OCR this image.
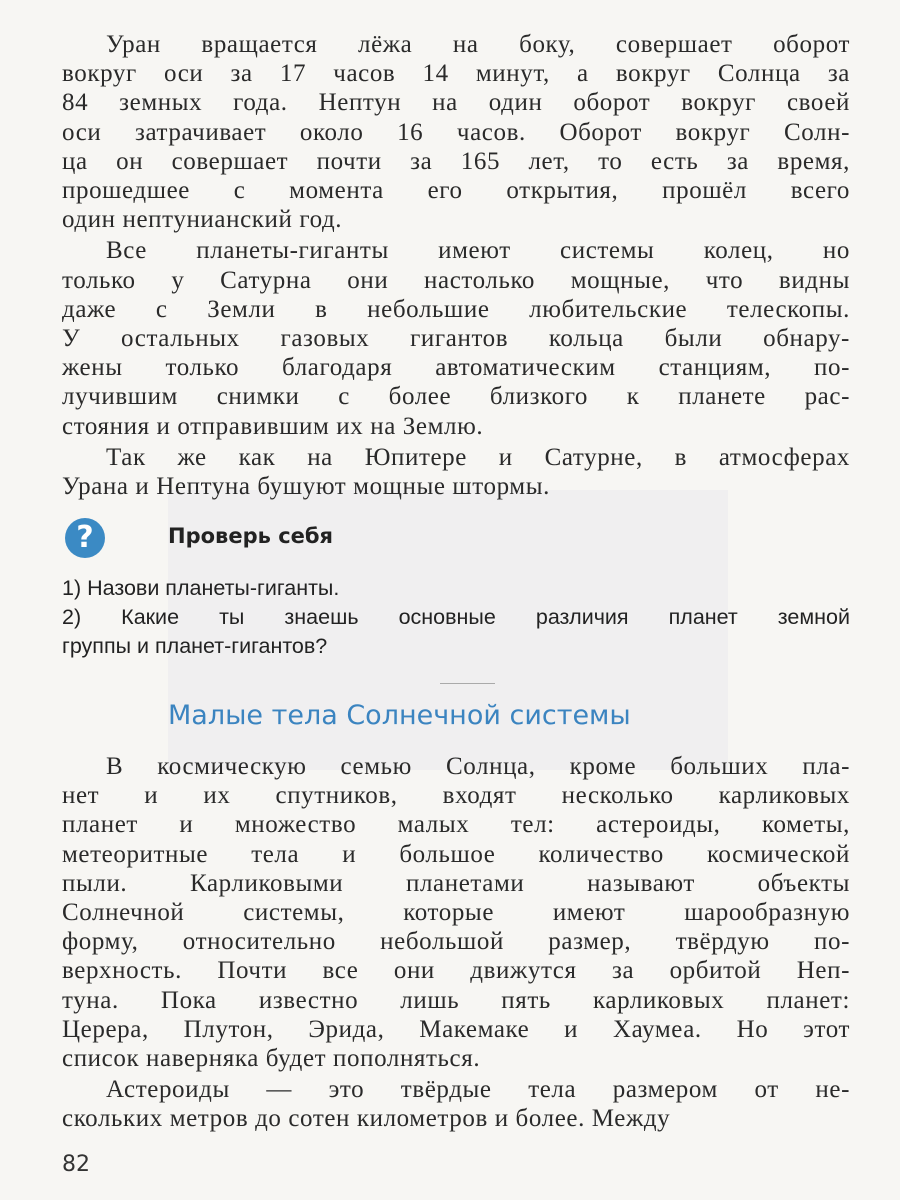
Уран вращается лёжа на боку, совершает оборот
вокруг оси за 17 часов 14 минут, а вокруг Солнца за
84 земных года. Нептун на один оборот вокруг своей
оси затрачивает около 16 часов. Оборот вокруг Солн-
ца он совершает почти за 165 лет, то есть за время,
прошедшее с момента его открытия, прошёл всего
один нептунианский год.
Все планеты-гиганты имеют системы колец, но
только у Сатурна они настолько мощные, что видны
даже с Земли в небольшие любительские телескопы.
У остальных газовых гигантов кольца были обнару-
жены только благодаря автоматическим станциям, по-
лучившим снимки с более близкого к планете рас-
стояния и отправившим их на Землю.
Так же как на Юпитере и Сатурне, в атмосферах
Урана и Нептуна бушуют мощные штормы.
?	Проверь себя
1) Назови планеты-гиганты.
2) Какие ты знаешь основные различия планет земной
группы и планет-гигантов?
Малые тела Солнечной системы
В космическую семью Солнца, кроме больших пла-
нет и их спутников, входят несколько карликовых
планет и множество малых тел: астероиды, кометы,
метеоритные тела и большое количество космической
пыли. Карликовыми планетами называют объекты
Солнечной системы, которые имеют шарообразную
форму, относительно небольшой размер, твёрдую по-
верхность. Почти все они движутся за орбитой Неп-
туна. Пока известно лишь пять карликовых планет:
Церера, Плутон, Эрида, Макемаке и Хаумеа. Но этот
список наверняка будет пополняться.
Астероиды — это твёрдые тела размером от не-
скольких метров до сотен километров и более. Между
82
